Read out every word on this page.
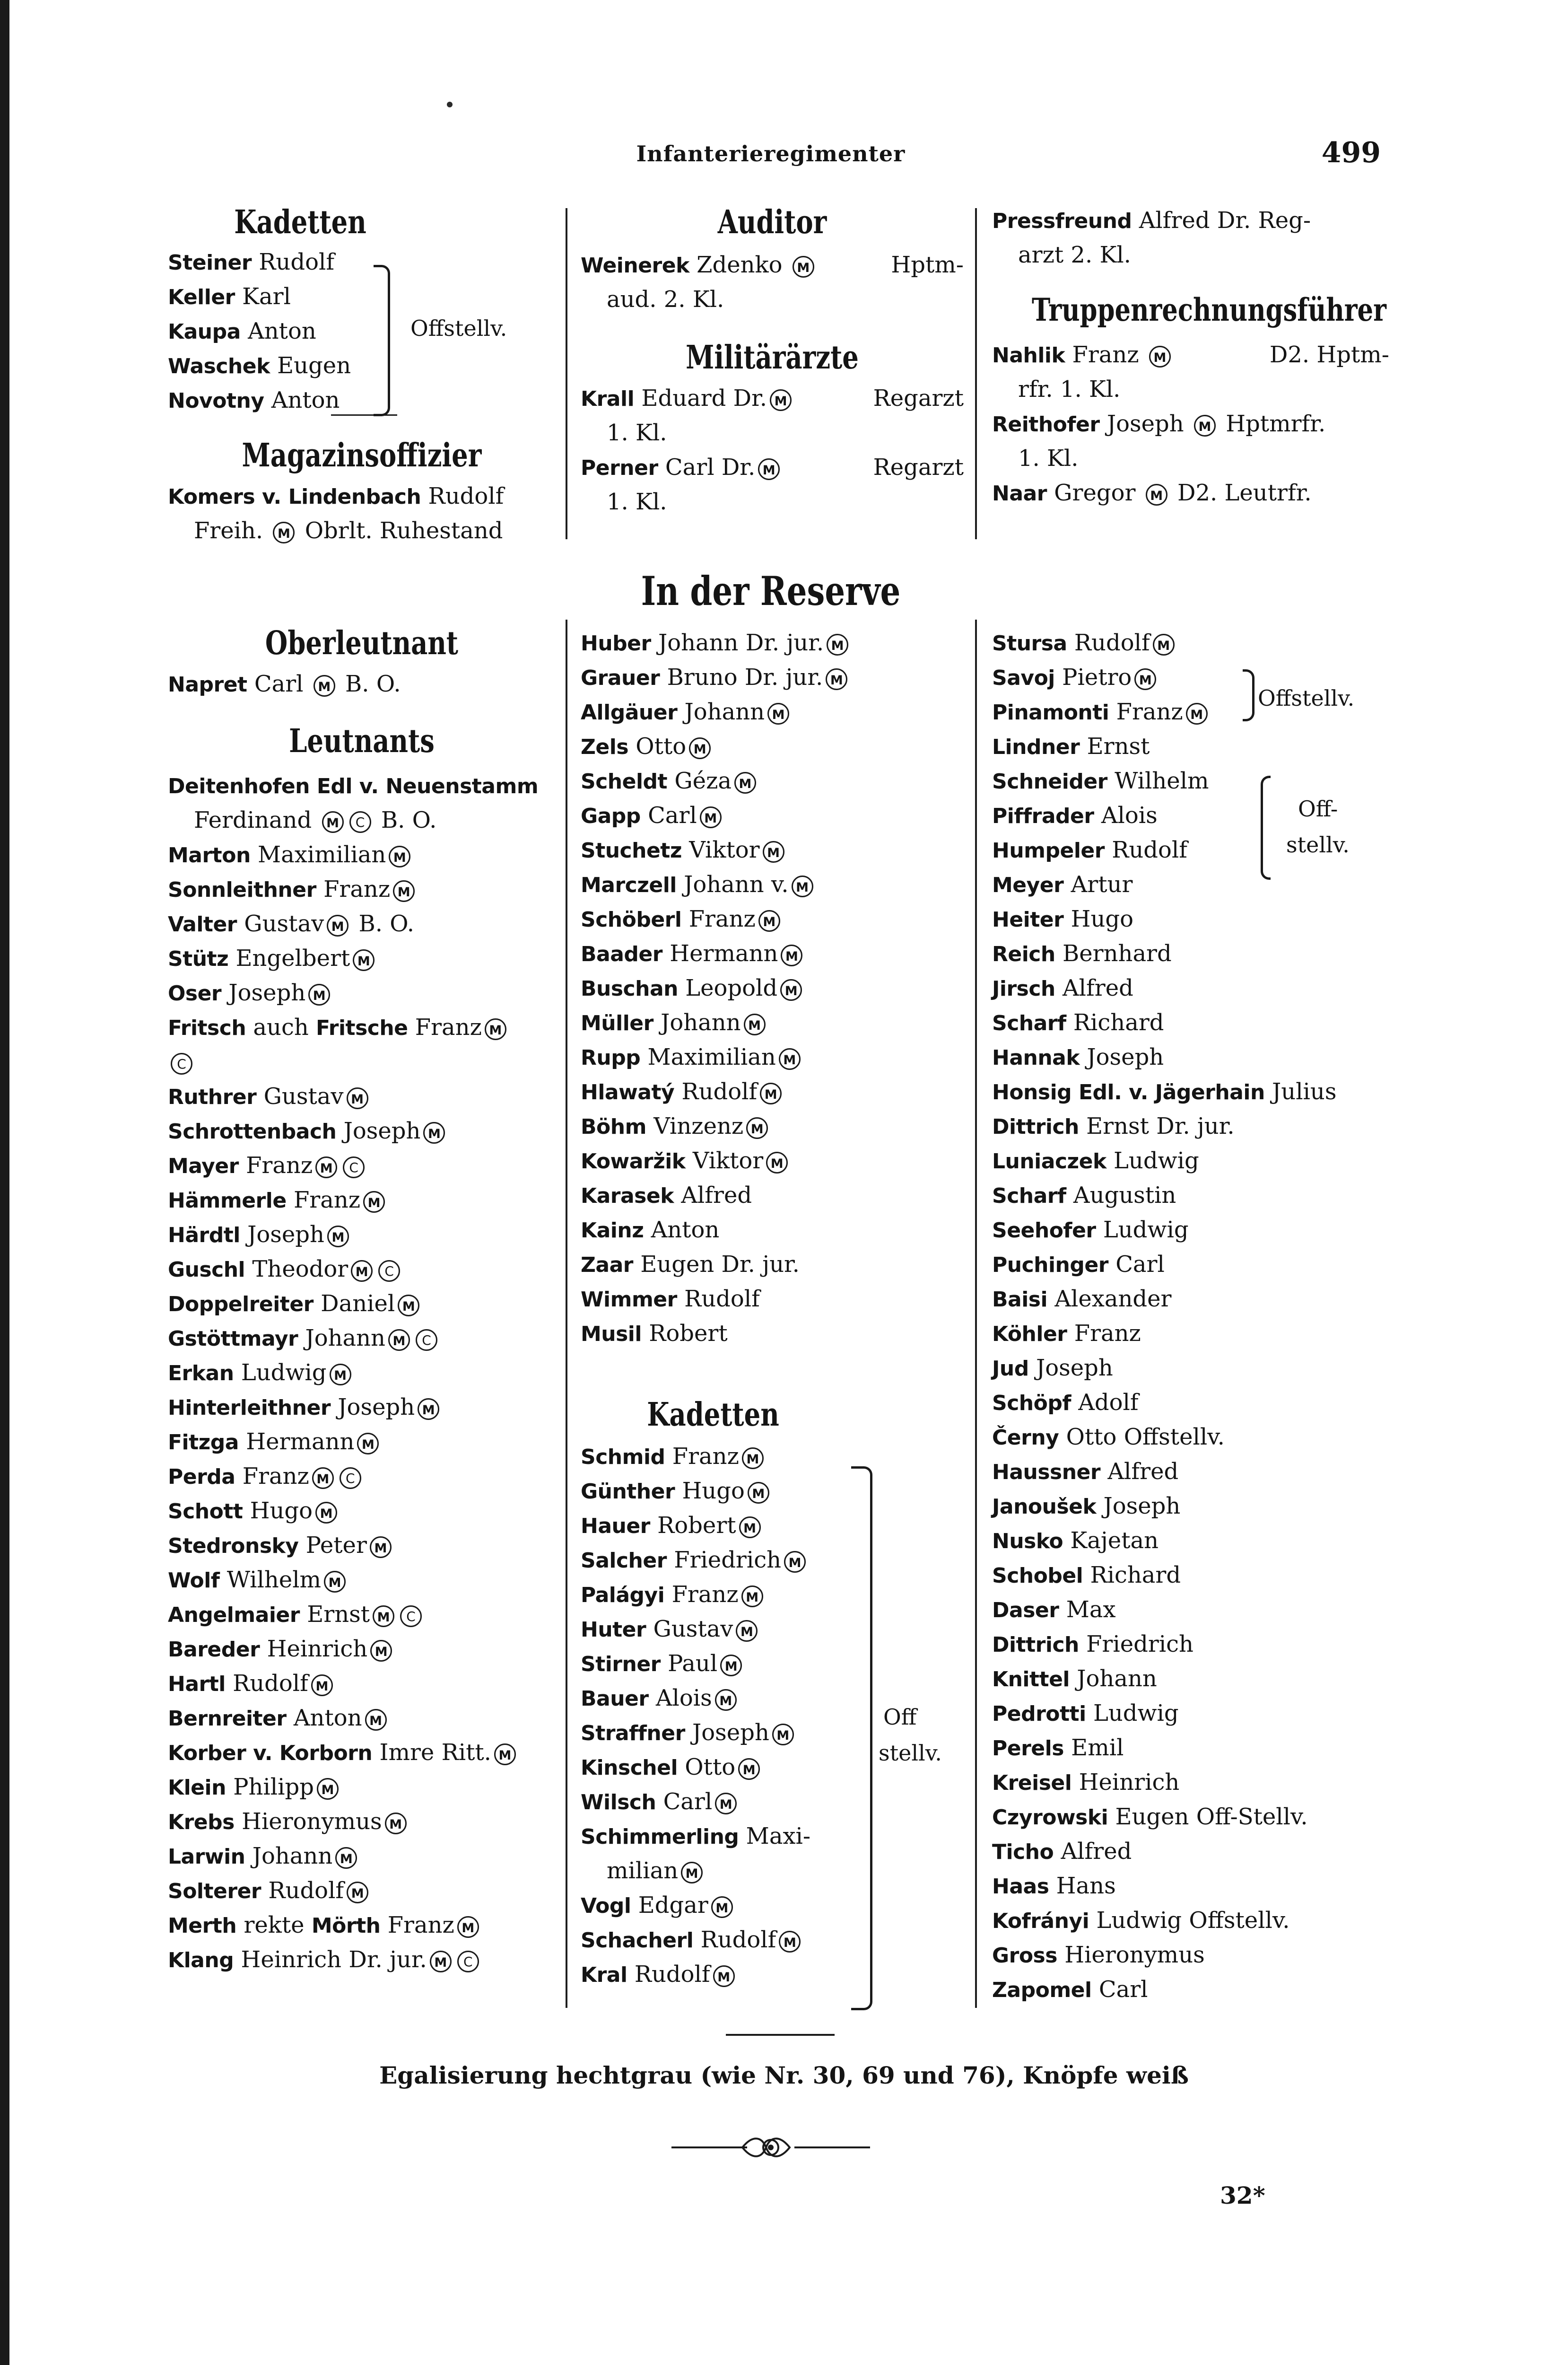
Infanterieregimenter	499
Kadetten
Steiner Rudolf
Keller Karl
Kaupa Anton
Waschek Eugen
Novotny Anton
Magazinsoffizier
Komers v. Lindenbach Rudolf
Freih. M Obrlt. Ruhestand
Offstellv.
Auditor
Weinerek Zdenko M	Hptm-
aud. 2. Kl.
Militärärzte
Krall Eduard Dr. M	Regarzt
1. Kl.
Perner Carl Dr. M	Regarzt
1. Kl.
Pressfreund Alfred Dr. Reg-
arzt 2. Kl.
Truppenrechnungsführer
Nahlik Franz M	D2. Hptm-
rfr. 1. Kl.
Reithofer Joseph M Hptmrfr.
1. Kl.
Naar Gregor M D2. Leutrfr.
In der Reserve
Oberleutnant
Napret Carl M B. O.
Leutnants
Deitenhofen Edl v. Neuenstamm
Ferdinand M C B. O.
Marton Maximilian M
Sonnleithner Franz M
Valter Gustav M B. O.
Stütz Engelbert M
Oser Joseph M
Fritsch auch Fritsche Franz M
C
Ruthrer Gustav M
Schrottenbach Joseph M
Mayer Franz M C
Hämmerle Franz M
Härdtl Joseph M
Guschl Theodor M C
Doppelreiter Daniel M
Gstöttmayr Johann M C
Erkan Ludwig M
Hinterleithner Joseph M
Fitzga Hermann M
Perda Franz M C
Schott Hugo M
Stedronsky Peter M
Wolf Wilhelm M
Angelmaier Ernst M C
Bareder Heinrich M
Hartl Rudolf M
Bernreiter Anton M
Korber v. Korborn Imre Ritt. M
Klein Philipp M
Krebs Hieronymus M
Larwin Johann M
Solterer Rudolf M
Merth rekte Mörth Franz M
Klang Heinrich Dr. jur. M C
Huber Johann Dr. jur. M
Grauer Bruno Dr. jur. M
Allgäuer Johann M
Zels Otto M
Scheldt Géza M
Gapp Carl M
Stuchetz Viktor M
Marczell Johann v. M
Schöberl Franz M
Baader Hermann M
Buschan Leopold M
Müller Johann M
Rupp Maximilian M
Hlawatý Rudolf M
Böhm Vinzenz M
Kowaržik Viktor M
Karasek Alfred
Kainz Anton
Zaar Eugen Dr. jur.
Wimmer Rudolf
Musil Robert
Kadetten
Schmid Franz M
Günther Hugo M
Hauer Robert M
Salcher Friedrich M
Palágyi Franz M
Huter Gustav M
Stirner Paul M
Bauer Alois M
Straffner Joseph M
Kinschel Otto M
Wilsch Carl M
Schimmerling Maxi-
milian M
Vogl Edgar M
Schacherl Rudolf M
Kral Rudolf M
Off
stellv.
Stursa Rudolf M
Savoj Pietro M
Pinamonti Franz M
Lindner Ernst
Schneider Wilhelm
Piffrader Alois
Humpeler Rudolf
Meyer Artur
Heiter Hugo
Reich Bernhard
Jirsch Alfred
Scharf Richard
Hannak Joseph
Honsig Edl. v. Jägerhain Julius
Dittrich Ernst Dr. jur.
Luniaczek Ludwig
Scharf Augustin
Seehofer Ludwig
Puchinger Carl
Baisi Alexander
Köhler Franz
Jud Joseph
Schöpf Adolf
Černy Otto Offstellv.
Haussner Alfred
Janoušek Joseph
Nusko Kajetan
Schobel Richard
Daser Max
Dittrich Friedrich
Knittel Johann
Pedrotti Ludwig
Perels Emil
Kreisel Heinrich
Czyrowski Eugen Off-Stellv.
Ticho Alfred
Haas Hans
Kofrányi Ludwig Offstellv.
Gross Hieronymus
Zapomel Carl
Offstellv.
Off-
stellv.
Egalisierung hechtgrau (wie Nr. 30, 69 und 76), Knöpfe weiß
32*
